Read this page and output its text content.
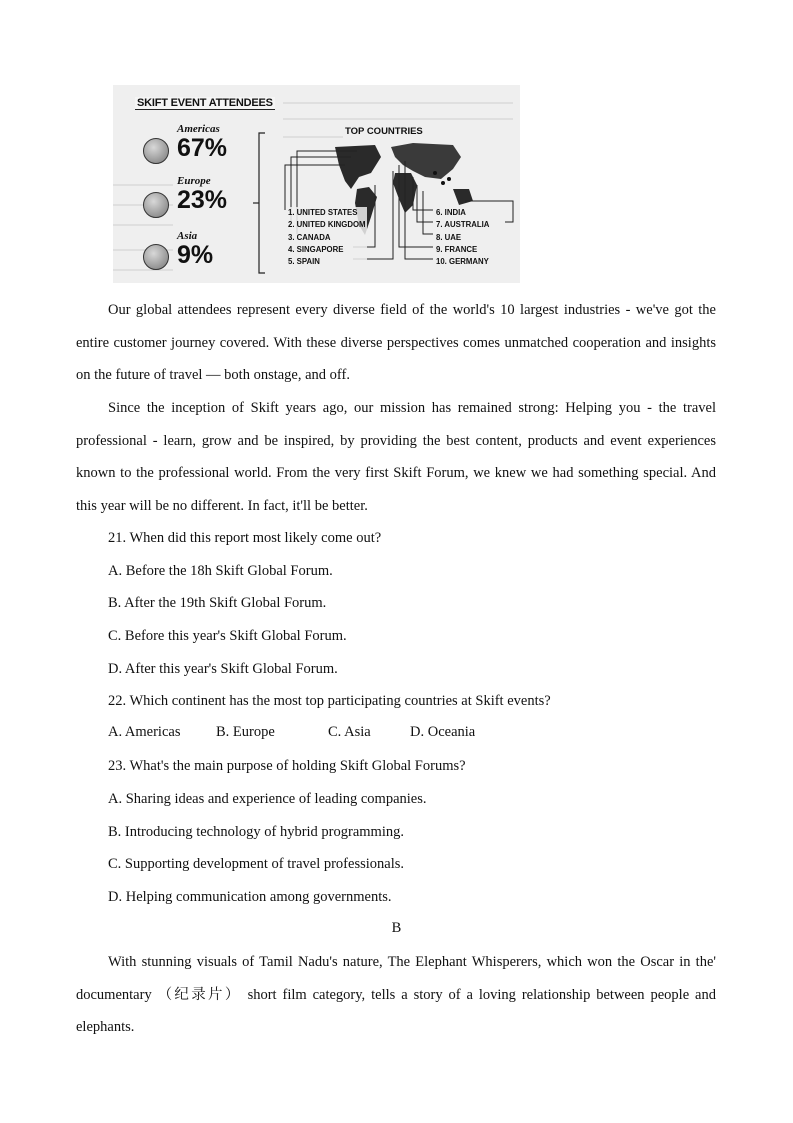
SKIFT EVENT ATTENDEES
Americas
67%
Europe
23%
Asia
9%
TOP COUNTRIES
1. UNITED STATES
2. UNITED KINGDOM
3. CANADA
4. SINGAPORE
5. SPAIN
6. INDIA
7. AUSTRALIA
8. UAE
9. FRANCE
10. GERMANY

Our global attendees represent every diverse field of the world's 10 largest industries - we've got the entire customer journey covered. With these diverse perspectives comes unmatched cooperation and insights on the future of travel — both onstage, and off.

Since the inception of Skift years ago, our mission has remained strong: Helping you - the travel professional - learn, grow and be inspired, by providing the best content, products and event experiences known to the professional world. From the very first Skift Forum, we knew we had something special. And this year will be no different. In fact, it'll be better.

21. When did this report most likely come out?

A. Before the 18h Skift Global Forum.

B. After the 19th Skift Global Forum.

C. Before this year's Skift Global Forum.

D. After this year's Skift Global Forum.

22. Which continent has the most top participating countries at Skift events?

A. Americas B. Europe	C. Asia	D. Oceania

23. What's the main purpose of holding Skift Global Forums?

A. Sharing ideas and experience of leading companies.

B. Introducing technology of hybrid programming.

C. Supporting development of travel professionals.

D. Helping communication among governments.

B

With stunning visuals of Tamil Nadu's nature, The Elephant Whisperers, which won the Oscar in the' documentary （纪录片） short film category, tells a story of a loving relationship between people and elephants.
